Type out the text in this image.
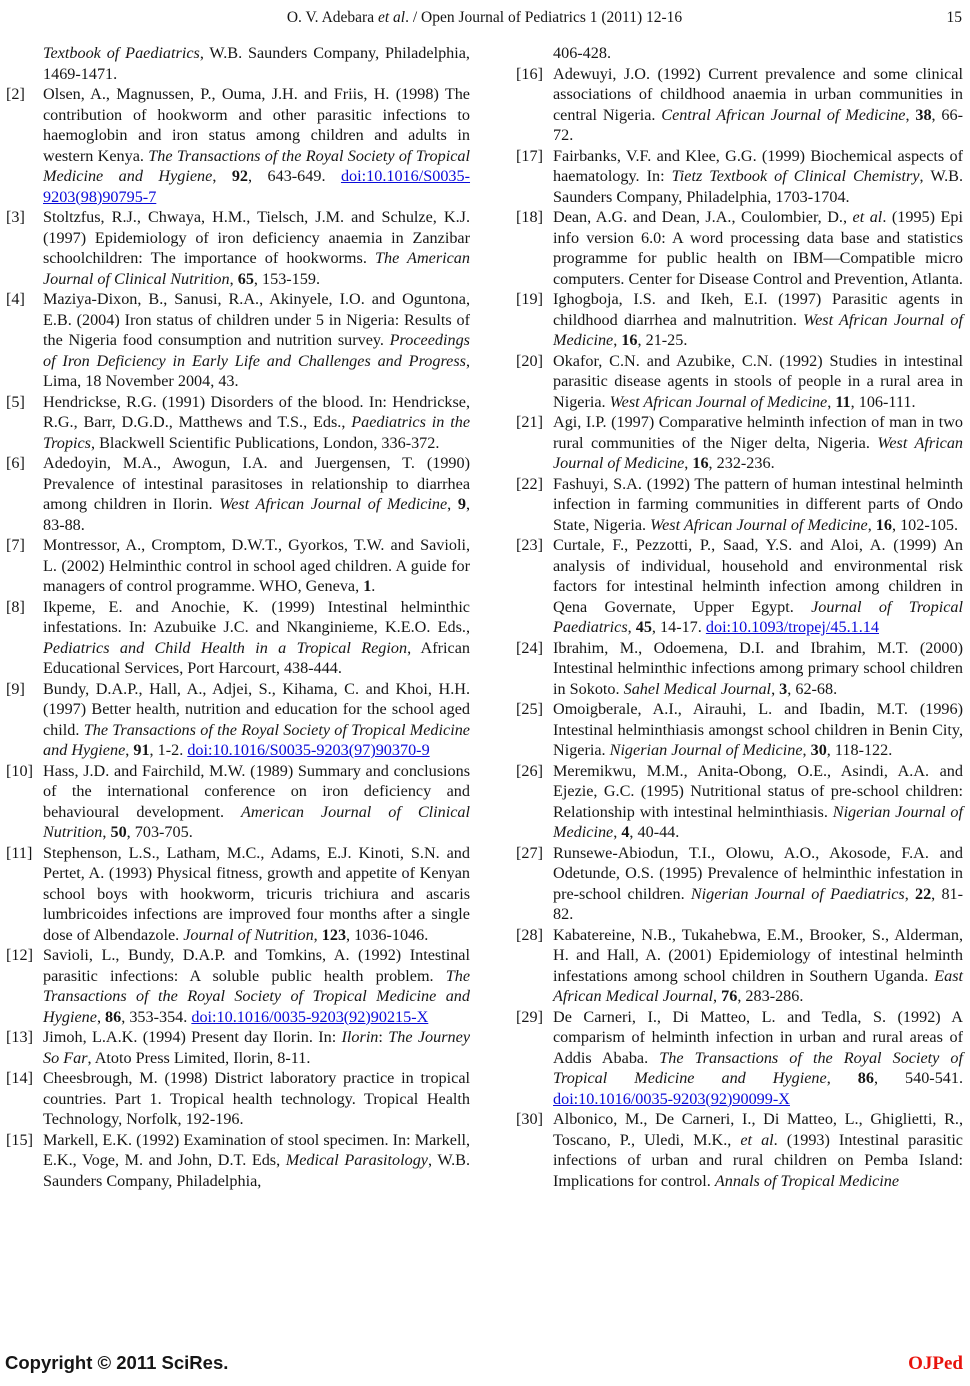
O. V. Adebara et al. / Open Journal of Pediatrics 1 (2011) 12-16	15
Textbook of Paediatrics, W.B. Saunders Company, Philadelphia, 1469-1471.
[2] Olsen, A., Magnussen, P., Ouma, J.H. and Friis, H. (1998) The contribution of hookworm and other parasitic infections to haemoglobin and iron status among children and adults in western Kenya. The Transactions of the Royal Society of Tropical Medicine and Hygiene, 92, 643-649. doi:10.1016/S0035-9203(98)90795-7
[3] Stoltzfus, R.J., Chwaya, H.M., Tielsch, J.M. and Schulze, K.J. (1997) Epidemiology of iron deficiency anaemia in Zanzibar schoolchildren: The importance of hookworms. The American Journal of Clinical Nutrition, 65, 153-159.
[4] Maziya-Dixon, B., Sanusi, R.A., Akinyele, I.O. and Oguntona, E.B. (2004) Iron status of children under 5 in Nigeria: Results of the Nigeria food consumption and nutrition survey. Proceedings of Iron Deficiency in Early Life and Challenges and Progress, Lima, 18 November 2004, 43.
[5] Hendrickse, R.G. (1991) Disorders of the blood. In: Hendrickse, R.G., Barr, D.G.D., Matthews and T.S., Eds., Paediatrics in the Tropics, Blackwell Scientific Publications, London, 336-372.
[6] Adedoyin, M.A., Awogun, I.A. and Juergensen, T. (1990) Prevalence of intestinal parasitoses in relationship to diarrhea among children in Ilorin. West African Journal of Medicine, 9, 83-88.
[7] Montressor, A., Cromptom, D.W.T., Gyorkos, T.W. and Savioli, L. (2002) Helminthic control in school aged children. A guide for managers of control programme. WHO, Geneva, 1.
[8] Ikpeme, E. and Anochie, K. (1999) Intestinal helminthic infestations. In: Azubuike J.C. and Nkanginieme, K.E.O. Eds., Pediatrics and Child Health in a Tropical Region, African Educational Services, Port Harcourt, 438-444.
[9] Bundy, D.A.P., Hall, A., Adjei, S., Kihama, C. and Khoi, H.H. (1997) Better health, nutrition and education for the school aged child. The Transactions of the Royal Society of Tropical Medicine and Hygiene, 91, 1-2. doi:10.1016/S0035-9203(97)90370-9
[10] Hass, J.D. and Fairchild, M.W. (1989) Summary and conclusions of the international conference on iron deficiency and behavioural development. American Journal of Clinical Nutrition, 50, 703-705.
[11] Stephenson, L.S., Latham, M.C., Adams, E.J. Kinoti, S.N. and Pertet, A. (1993) Physical fitness, growth and appetite of Kenyan school boys with hookworm, tricuris trichiura and ascaris lumbricoides infections are improved four months after a single dose of Albendazole. Journal of Nutrition, 123, 1036-1046.
[12] Savioli, L., Bundy, D.A.P. and Tomkins, A. (1992) Intestinal parasitic infections: A soluble public health problem. The Transactions of the Royal Society of Tropical Medicine and Hygiene, 86, 353-354. doi:10.1016/0035-9203(92)90215-X
[13] Jimoh, L.A.K. (1994) Present day Ilorin. In: Ilorin: The Journey So Far, Atoto Press Limited, Ilorin, 8-11.
[14] Cheesbrough, M. (1998) District laboratory practice in tropical countries. Part 1. Tropical health technology. Tropical Health Technology, Norfolk, 192-196.
[15] Markell, E.K. (1992) Examination of stool specimen. In: Markell, E.K., Voge, M. and John, D.T. Eds, Medical Parasitology, W.B. Saunders Company, Philadelphia,
406-428.
[16] Adewuyi, J.O. (1992) Current prevalence and some clinical associations of childhood anaemia in urban communities in central Nigeria. Central African Journal of Medicine, 38, 66-72.
[17] Fairbanks, V.F. and Klee, G.G. (1999) Biochemical aspects of haematology. In: Tietz Textbook of Clinical Chemistry, W.B. Saunders Company, Philadelphia, 1703-1704.
[18] Dean, A.G. and Dean, J.A., Coulombier, D., et al. (1995) Epi info version 6.0: A word processing data base and statistics programme for public health on IBM—Compatible micro computers. Center for Disease Control and Prevention, Atlanta.
[19] Ighogboja, I.S. and Ikeh, E.I. (1997) Parasitic agents in childhood diarrhea and malnutrition. West African Journal of Medicine, 16, 21-25.
[20] Okafor, C.N. and Azubike, C.N. (1992) Studies in intestinal parasitic disease agents in stools of people in a rural area in Nigeria. West African Journal of Medicine, 11, 106-111.
[21] Agi, I.P. (1997) Comparative helminth infection of man in two rural communities of the Niger delta, Nigeria. West African Journal of Medicine, 16, 232-236.
[22] Fashuyi, S.A. (1992) The pattern of human intestinal helminth infection in farming communities in different parts of Ondo State, Nigeria. West African Journal of Medicine, 16, 102-105.
[23] Curtale, F., Pezzotti, P., Saad, Y.S. and Aloi, A. (1999) An analysis of individual, household and environmental risk factors for intestinal helminth infection among children in Qena Governate, Upper Egypt. Journal of Tropical Paediatrics, 45, 14-17. doi:10.1093/tropej/45.1.14
[24] Ibrahim, M., Odoemena, D.I. and Ibrahim, M.T. (2000) Intestinal helminthic infections among primary school children in Sokoto. Sahel Medical Journal, 3, 62-68.
[25] Omoigberale, A.I., Airauhi, L. and Ibadin, M.T. (1996) Intestinal helminthiasis amongst school children in Benin City, Nigeria. Nigerian Journal of Medicine, 30, 118-122.
[26] Meremikwu, M.M., Anita-Obong, O.E., Asindi, A.A. and Ejezie, G.C. (1995) Nutritional status of pre-school children: Relationship with intestinal helminthiasis. Nigerian Journal of Medicine, 4, 40-44.
[27] Runsewe-Abiodun, T.I., Olowu, A.O., Akosode, F.A. and Odetunde, O.S. (1995) Prevalence of helminthic infestation in pre-school children. Nigerian Journal of Paediatrics, 22, 81-82.
[28] Kabatereine, N.B., Tukahebwa, E.M., Brooker, S., Alderman, H. and Hall, A. (2001) Epidemiology of intestinal helminth infestations among school children in Southern Uganda. East African Medical Journal, 76, 283-286.
[29] De Carneri, I., Di Matteo, L. and Tedla, S. (1992) A comparism of helminth infection in urban and rural areas of Addis Ababa. The Transactions of the Royal Society of Tropical Medicine and Hygiene, 86, 540-541. doi:10.1016/0035-9203(92)90099-X
[30] Albonico, M., De Carneri, I., Di Matteo, L., Ghiglietti, R., Toscano, P., Uledi, M.K., et al. (1993) Intestinal parasitic infections of urban and rural children on Pemba Island: Implications for control. Annals of Tropical Medicine
Copyright © 2011 SciRes.	OJPed
